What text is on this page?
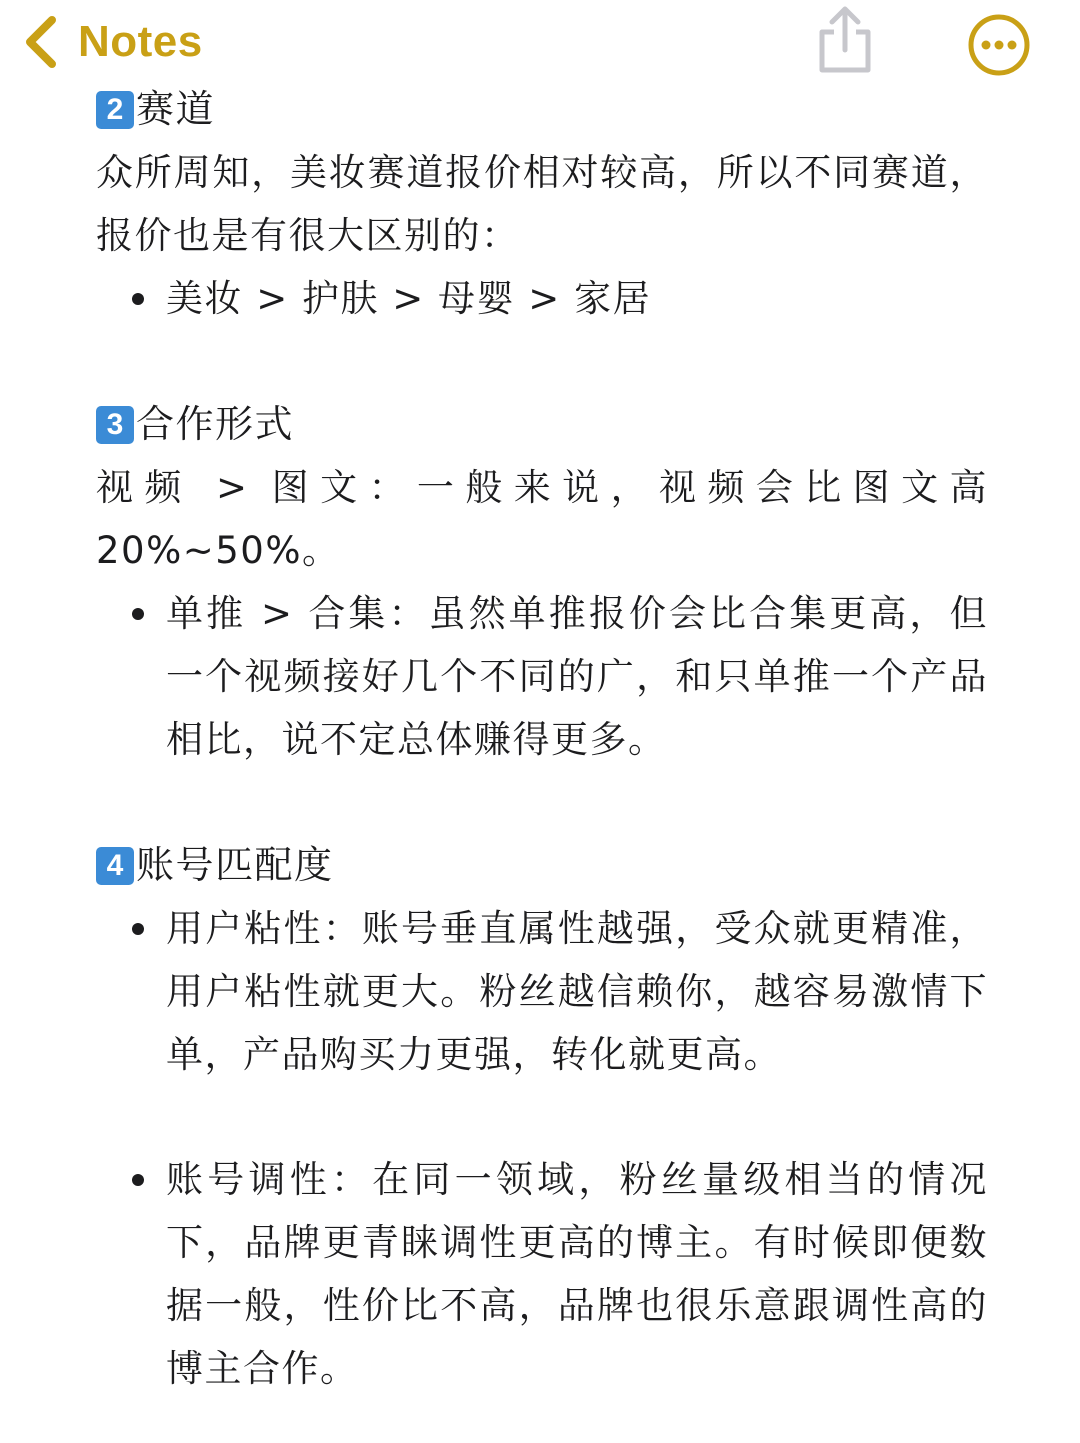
Notes
2 赛道

众所周知，美妆赛道报价相对较高，所以不同赛道，报价也是有很大区别的：

美妆 > 护肤 > 母婴 > 家居
3 合作形式

视频 > 图文：一般来说，视频会比图文高20%~50%。

单推 > 合集：虽然单推报价会比合集更高，但一个视频接好几个不同的广，和只单推一个产品相比，说不定总体赚得更多。
4 账号匹配度
用户粘性：账号垂直属性越强，受众就更精准，用户粘性就更大。粉丝越信赖你，越容易激情下单，产品购买力更强，转化就更高。
账号调性：在同一领域，粉丝量级相当的情况下，品牌更青睐调性更高的博主。有时候即便数据一般，性价比不高，品牌也很乐意跟调性高的博主合作。
